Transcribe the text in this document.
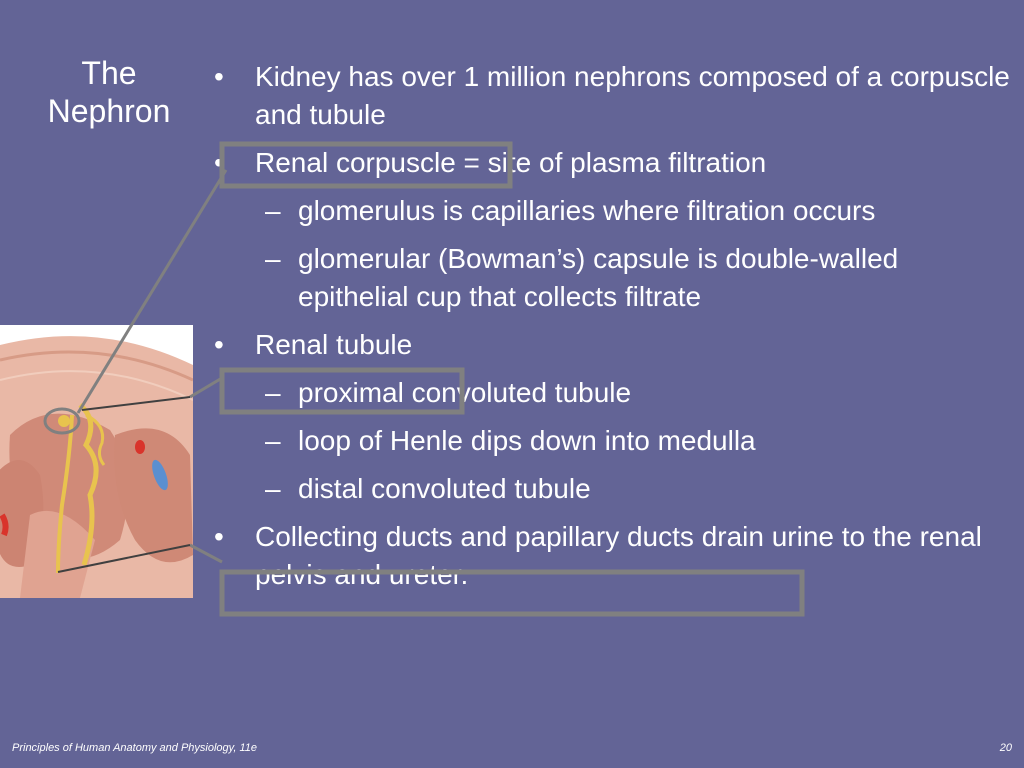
The
Nephron
• Kidney has over 1 million nephrons composed of a corpuscle and tubule
• Renal corpuscle = site of plasma filtration
– glomerulus is capillaries where filtration occurs
– glomerular (Bowman’s) capsule is double-walled epithelial cup that collects filtrate
• Renal tubule
– proximal convoluted tubule
– loop of Henle dips down into medulla
– distal convoluted tubule
• Collecting ducts and papillary ducts drain urine to the renal pelvis and ureter.
Principles of Human Anatomy and Physiology, 11e	20
